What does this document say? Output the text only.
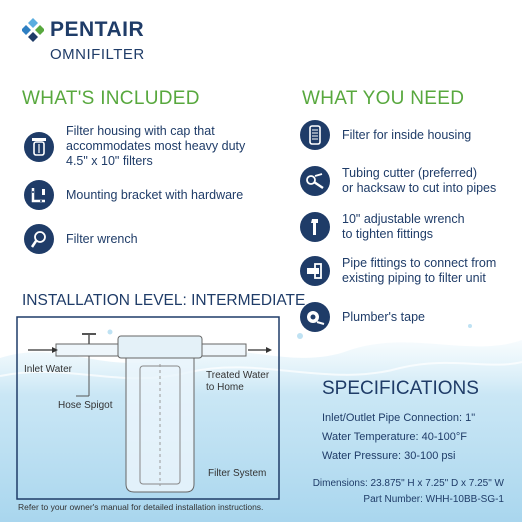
PENTAIR
OMNIFILTER
WHAT'S INCLUDED
Filter housing with cap that
accommodates most heavy duty
4.5" x 10" filters
Mounting bracket with hardware
Filter wrench
WHAT YOU NEED
Filter for inside housing
Tubing cutter (preferred)
or hacksaw to cut into pipes
10" adjustable wrench
to tighten fittings
Pipe fittings to connect from
existing piping to filter unit
Plumber's tape
INSTALLATION LEVEL: INTERMEDIATE
Inlet Water
Hose Spigot
Treated Water
to Home
Filter System
Refer to your owner's manual for detailed installation instructions.
SPECIFICATIONS
Inlet/Outlet Pipe Connection: 1"
Water Temperature: 40-100°F
Water Pressure: 30-100 psi
Dimensions: 23.875" H x 7.25" D x 7.25" W
Part Number: WHH-10BB-SG-1
